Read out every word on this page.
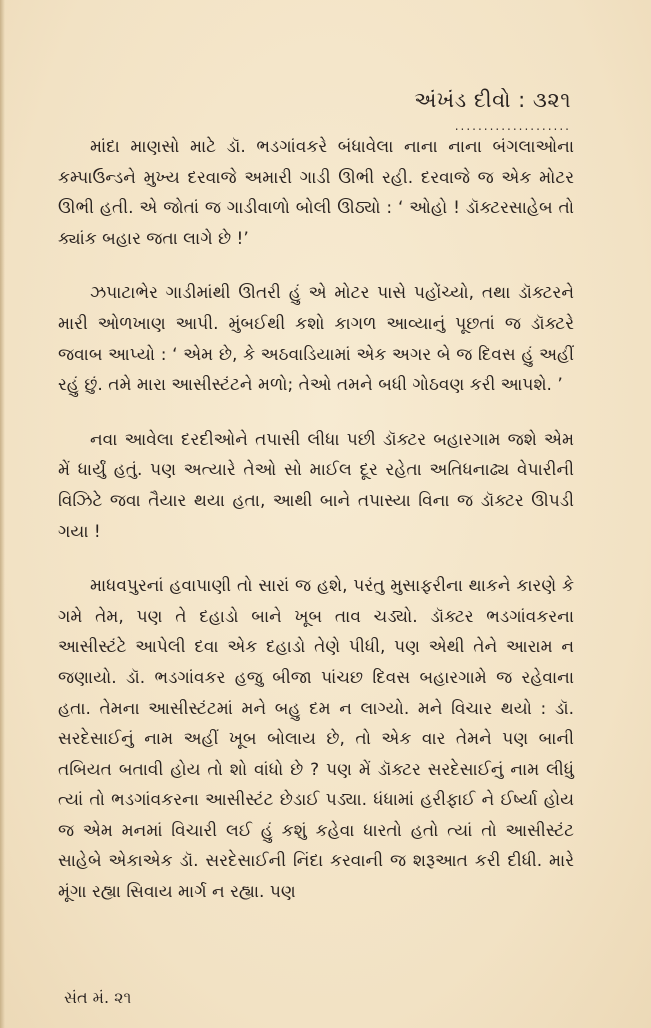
અંખંડ દીવો : ૩૨૧
....................

માંદા માણસો માટે ડૉ. ભડગાંવકરે બંધાવેલા નાના નાના બંગલાઓના કમ્પાઉન્ડને મુખ્ય દરવાજે અમારી ગાડી ઊભી રહી. દરવાજે જ એક મોટર ઊભી હતી. એ જોતાં જ ગાડીવાળો બોલી ઊઠ્યો : ‘ ઓહો ! ડૉક્ટરસાહેબ તો ક્યાંક બહાર જતા લાગે છે !’

ઝપાટાભેર ગાડીમાંથી ઊતરી હું એ મોટર પાસે પહોંચ્યો, તથા ડૉક્ટરને મારી ઓળખાણ આપી. મુંબઈથી કશો કાગળ આવ્યાનું પૂછતાં જ ડૉક્ટરે જવાબ આપ્યો : ‘ એમ છે, કે અઠવાડિયામાં એક અગર બે જ દિવસ હું અહીં રહું છું. તમે મારા આસીસ્ટંટને મળો; તેઓ તમને બધી ગોઠવણ કરી આપશે. ’

નવા આવેલા દરદીઓને તપાસી લીધા પછી ડૉક્ટર બહારગામ જશે એમ મેં ધાર્યું હતું. પણ અત્યારે તેઓ સો માઈલ દૂર રહેતા અતિધનાઢ્ય વેપારીની વિઝિટે જવા તૈયાર થયા હતા, આથી બાને તપાસ્યા વિના જ ડૉક્ટર ઊપડી ગયા !

માધવપુરનાં હવાપાણી તો સારાં જ હશે, પરંતુ મુસાફરીના થાકને કારણે કે ગમે તેમ, પણ તે દહાડો બાને ખૂબ તાવ ચડ્યો. ડૉક્ટર ભડગાંવકરના આસીસ્ટંટે આપેલી દવા એક દહાડો તેણે પીધી, પણ એથી તેને આરામ ન જણાયો. ડૉ. ભડગાંવકર હજુ બીજા પાંચછ દિવસ બહારગામે જ રહેવાના હતા. તેમના આસીસ્ટંટમાં મને બહુ દમ ન લાગ્યો. મને વિચાર થયો : ડૉ. સરદેસાઈનું નામ અહીં ખૂબ બોલાય છે, તો એક વાર તેમને પણ બાની તબિયત બતાવી હોય તો શો વાંધો છે ? પણ મેં ડૉક્ટર સરદેસાઈનું નામ લીધું ત્યાં તો ભડગાંવકરના આસીસ્ટંટ છેડાઈ પડ્યા. ધંધામાં હરીફાઈ ને ઈર્ષ્યા હોય જ એમ મનમાં વિચારી લઈ હું કશું કહેવા ધારતો હતો ત્યાં તો આસીસ્ટંટ સાહેબે એકાએક ડૉ. સરદેસાઈની નિંદા કરવાની જ શરૂઆત કરી દીધી. મારે મૂંગા રહ્યા સિવાય માર્ગ ન રહ્યા. પણ

સંત મં. ૨૧
